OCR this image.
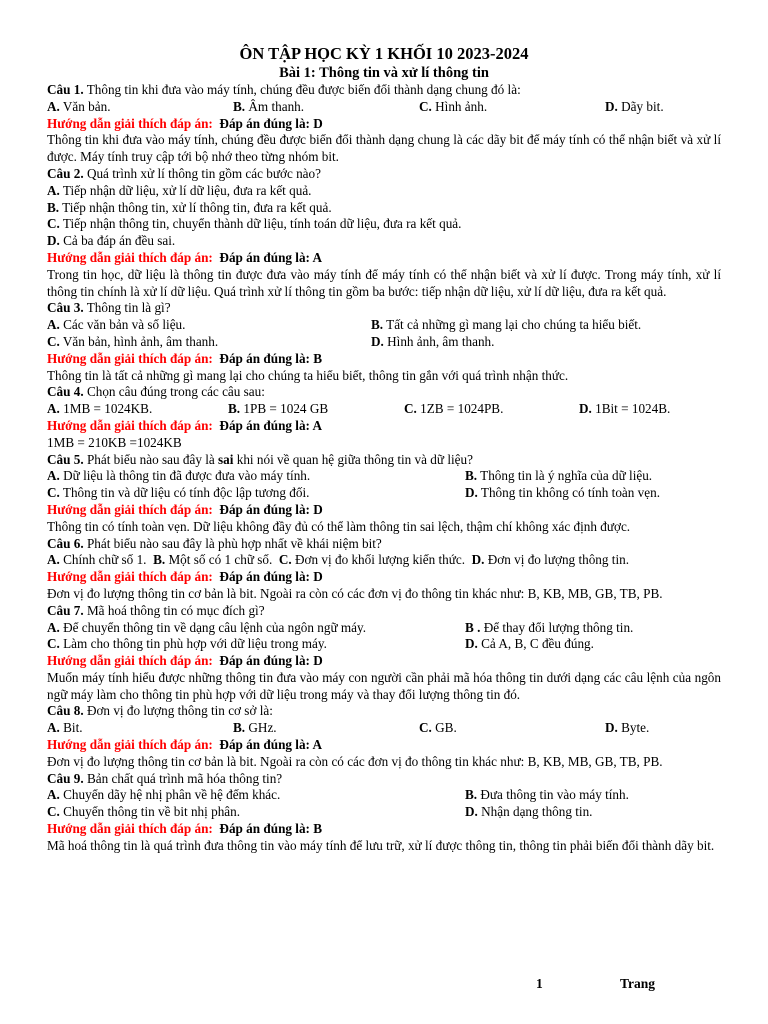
ÔN TẬP HỌC KỲ 1 KHỐI 10 2023-2024
Bài 1: Thông tin và xử lí thông tin
Câu 1. Thông tin khi đưa vào máy tính, chúng đều được biến đổi thành dạng chung đó là:
A. Văn bản.	B. Âm thanh.	C. Hình ảnh.	D. Dãy bit.
Hướng dẫn giải thích đáp án: Đáp án đúng là: D
Thông tin khi đưa vào máy tính, chúng đều được biến đổi thành dạng chung là các dãy bit để máy tính có thể nhận biết và xử lí được. Máy tính truy cập tới bộ nhớ theo từng nhóm bit.
Câu 2. Quá trình xử lí thông tin gồm các bước nào?
A. Tiếp nhận dữ liệu, xử lí dữ liệu, đưa ra kết quả.
B. Tiếp nhận thông tin, xử lí thông tin, đưa ra kết quả.
C. Tiếp nhận thông tin, chuyển thành dữ liệu, tính toán dữ liệu, đưa ra kết quả.
D. Cả ba đáp án đều sai.
Hướng dẫn giải thích đáp án: Đáp án đúng là: A
Trong tin học, dữ liệu là thông tin được đưa vào máy tính để máy tính có thể nhận biết và xử lí được. Trong máy tính, xử lí thông tin chính là xử lí dữ liệu. Quá trình xử lí thông tin gồm ba bước: tiếp nhận dữ liệu, xử lí dữ liệu, đưa ra kết quả.
Câu 3. Thông tin là gì?
A. Các văn bản và số liệu.	B. Tất cả những gì mang lại cho chúng ta hiểu biết.
C. Văn bản, hình ảnh, âm thanh.	D. Hình ảnh, âm thanh.
Hướng dẫn giải thích đáp án: Đáp án đúng là: B
Thông tin là tất cả những gì mang lại cho chúng ta hiểu biết, thông tin gắn với quá trình nhận thức.
Câu 4. Chọn câu đúng trong các câu sau:
A. 1MB = 1024KB.	B. 1PB = 1024 GB	C. 1ZB = 1024PB.	D. 1Bit = 1024B.
Hướng dẫn giải thích đáp án: Đáp án đúng là: A
1MB = 210KB =1024KB
Câu 5. Phát biểu nào sau đây là sai khi nói về quan hệ giữa thông tin và dữ liệu?
A. Dữ liệu là thông tin đã được đưa vào máy tính.	B. Thông tin là ý nghĩa của dữ liệu.
C. Thông tin và dữ liệu có tính độc lập tương đối.	D. Thông tin không có tính toàn vẹn.
Hướng dẫn giải thích đáp án: Đáp án đúng là: D
Thông tin có tính toàn vẹn. Dữ liệu không đầy đủ có thể làm thông tin sai lệch, thậm chí không xác định được.
Câu 6. Phát biểu nào sau đây là phù hợp nhất về khái niệm bit?
A. Chính chữ số 1. B. Một số có 1 chữ số. C. Đơn vị đo khối lượng kiến thức. D. Đơn vị đo lượng thông tin.
Hướng dẫn giải thích đáp án: Đáp án đúng là: D
Đơn vị đo lượng thông tin cơ bản là bit. Ngoài ra còn có các đơn vị đo thông tin khác như: B, KB, MB, GB, TB, PB.
Câu 7. Mã hoá thông tin có mục đích gì?
A. Để chuyển thông tin về dạng câu lệnh của ngôn ngữ máy.	B . Để thay đổi lượng thông tin.
C. Làm cho thông tin phù hợp với dữ liệu trong máy.	D. Cả A, B, C đều đúng.
Hướng dẫn giải thích đáp án: Đáp án đúng là: D
Muốn máy tính hiểu được những thông tin đưa vào máy con người cần phải mã hóa thông tin dưới dạng các câu lệnh của ngôn ngữ máy làm cho thông tin phù hợp với dữ liệu trong máy và thay đổi lượng thông tin đó.
Câu 8. Đơn vị đo lượng thông tin cơ sở là:
A. Bit.	B. GHz.	C. GB.	D. Byte.
Hướng dẫn giải thích đáp án: Đáp án đúng là: A
Đơn vị đo lượng thông tin cơ bản là bit. Ngoài ra còn có các đơn vị đo thông tin khác như: B, KB, MB, GB, TB, PB.
Câu 9. Bản chất quá trình mã hóa thông tin?
A. Chuyển dãy hệ nhị phân về hệ đếm khác.	B. Đưa thông tin vào máy tính.
C. Chuyển thông tin về bit nhị phân.	D. Nhận dạng thông tin.
Hướng dẫn giải thích đáp án: Đáp án đúng là: B
Mã hoá thông tin là quá trình đưa thông tin vào máy tính để lưu trữ, xử lí được thông tin, thông tin phải biến đổi thành dãy bit.
1	Trang
